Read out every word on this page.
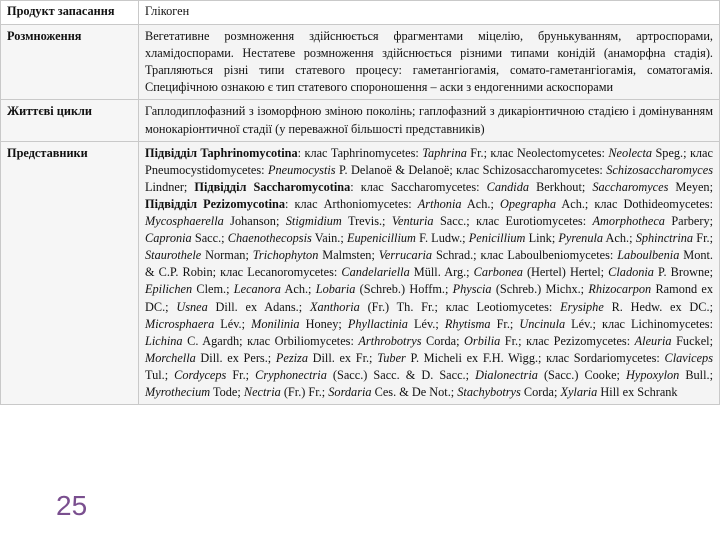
Продукт запасання	Глікоген
Розмноження	Вегетативне розмноження здійснюється фрагментами міцелію, брунькуванням, артроспорами, хламідоспорами. Нестатеве розмноження здійснюється різними типами конідій (анаморфна стадія). Трапляються різні типи статевого процесу: гаметангіогамія, сомато-гаметангіогамія, соматогамія. Специфічною ознакою є тип статевого спороношення – аски з ендогенними аскоспорами
Життєві цикли	Гаплодиплофазний з ізоморфною зміною поколінь; гаплофазний з дикаріонтичною стадією і домінуванням монокаріонтичної стадії (у переважної більшості представників)
Представники	Підвідділ Taphrinomycotina: клас Taphrinomycetes: Taphrina Fr.; клас Neolectomycetes: Neolecta Speg.; клас Pneumocystidomycetes: Pneumocystis P. Delanoë & Delanoë; клас Schizosaccharomycetes: Schizosaccharomyces Lindner; Підвідділ Saccharomycotina: клас Saccharomycetes: Candida Berkhout; Saccharomyces Meyen; Підвідділ Pezizomycotina: клас Arthoniomycetes: Arthonia Ach.; Opegrapha Ach.; клас Dothideomycetes: Mycosphaerella Johanson; Stigmidium Trevis.; Venturia Sacc.; клас Eurotiomycetes: Amorphotheca Parbery; Capronia Sacc.; Chaenothecopsis Vain.; Eupenicillium F. Ludw.; Penicillium Link; Pyrenula Ach.; Sphinctrina Fr.; Staurothele Norman; Trichophyton Malmsten; Verrucaria Schrad.; клас Laboulbeniomycetes: Laboulbenia Mont. & C.P. Robin; клас Lecanoromycetes: Candelariella Müll. Arg.; Carbonea (Hertel) Hertel; Cladonia P. Browne; Epilichen Clem.; Lecanora Ach.; Lobaria (Schreb.) Hoffm.; Physcia (Schreb.) Michx.; Rhizocarpon Ramond ex DC.; Usnea Dill. ex Adans.; Xanthoria (Fr.) Th. Fr.; клас Leotiomycetes: Erysiphe R. Hedw. ex DC.; Microsphaera Lév.; Monilinia Honey; Phyllactinia Lév.; Rhytisma Fr.; Uncinula Lév.; клас Lichinomycetes: Lichina C. Agardh; клас Orbiliomycetes: Arthrobotrys Corda; Orbilia Fr.; клас Pezizomycetes: Aleuria Fuckel; Morchella Dill. ex Pers.; Peziza Dill. ex Fr.; Tuber P. Micheli ex F.H. Wigg.; клас Sordariomycetes: Claviceps Tul.; Cordyceps Fr.; Cryphonectria (Sacc.) Sacc. & D. Sacc.; Dialonectria (Sacc.) Cooke; Hypoxylon Bull.; Myrothecium Tode; Nectria (Fr.) Fr.; Sordaria Ces. & De Not.; Stachybotrys Corda; Xylaria Hill ex Schrank
25
